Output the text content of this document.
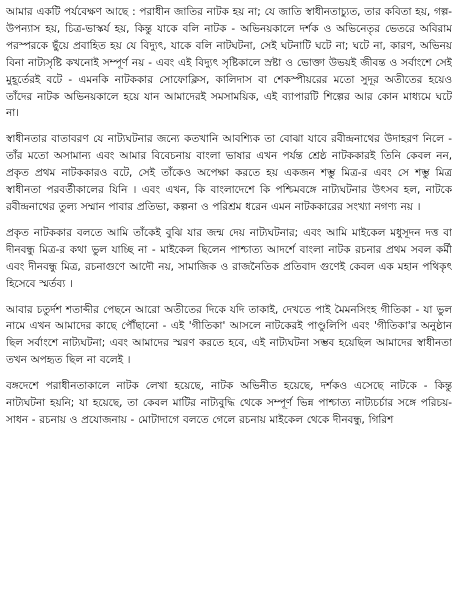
আমার একটি পর্যবেক্ষণ আছে : পরাধীন জাতির নাটক হয় না; যে জাতি স্বাধীনতাচ্যুত, তার কবিতা হয়, গল্প-উপন্যাস হয়, চিত্র-ভাস্কর্য হয়, কিন্তু যাকে বলি নাটক - অভিনয়কালে দর্শক ও অভিনেতৃর ভেতরে অবিরাম পরস্পরকে ছুঁয়ে প্রবাহিত হয় যে বিদ্যুৎ, যাকে বলি নাটঘটনা, সেই ঘটনাটি ঘটে না; ঘটে না, কারণ, অভিনয় বিনা নাট্যসৃষ্টি কখনোই সম্পূর্ণ নয় - এবং এই বিদ্যুৎ সৃষ্টিকালে স্রষ্টা ও ভোক্তা উভয়ই জীবন্ত ও সর্বাংশে সেই মুহূর্তেরই বটে - এমনকি নাটককার সোফোক্লিস, কালিদাস বা শেকস্পীয়রের মতো সুদূর অতীতের হয়েও তাঁদের নাটক অভিনয়কালে হয়ে যান আমাদেরই সমসাময়িক, এই ব্যাপারটি শিল্পের আর কোন মাধ্যমে ঘটে না।

স্বাধীনতার বাতাবরণ যে নাট্যঘটনার জন্যে কতখানি আবশ্যিক তা বোঝা যাবে রবীন্দ্রনাথের উদাহরণ নিলে - তাঁর মতো অসামান্য এবং আমার বিবেচনায় বাংলা ভাষার এখন পর্যন্ত শ্রেষ্ঠ নাটককারই তিনি কেবল নন, প্রকৃত প্রথম নাটককারও বটে, সেই তাঁকেও অপেক্ষা করতে হয় একজন শম্ভু মিত্র-র এবং সে শম্ভু মিত্র স্বাধীনতা পরবর্তীকালের যিনি । এবং এখন, কি বাংলাদেশে কি পশ্চিমবঙ্গে নাট্যঘটনার উৎসব হল, নাটকে রবীন্দ্রনাথের তুল্য সম্মান পাবার প্রতিভা, কল্পনা ও পরিশ্রম ধরেন এমন নাটককারের সংখ্যা নগণ্য নয় ।

প্রকৃত নাটককার বলতে আমি তাঁকেই বুঝি যার জন্ম দেয় নাট্যঘটনার; এবং আমি মাইকেল মধুসূদন দত্ত বা দীনবন্ধু মিত্র-র কথা ভুল যাচ্ছি না - মাইকেল ছিলেন পাশ্চাত্য আদর্শে বাংলা নাটক রচনার প্রথম সবল কর্মী এবং দীনবন্ধু মিত্র, রচনাগুণে আদৌ নয়, সামাজিক ও রাজনৈতিক প্রতিবাদ গুণেই কেবল এক মহান পথিকৃৎ হিসেবে স্মর্তব্য ।

আবার চতুর্দশ শতাব্দীর পেছনে আরো অতীতের দিকে যদি তাকাই, দেখতে পাই মৈমনসিংহ গীতিকা - যা ভুল নামে এখন আমাদের কাছে পৌঁছানো - এই 'গীতিকা' আসলে নাটকেরই পাণ্ডুলিপি এবং 'গীতিকা'র অনুষ্ঠান ছিল সর্বাংশে নাট্যঘটনা; এবং আমাদের স্মরণ করতে হবে, এই নাট্যঘটনা সম্ভব হয়েছিল আমাদের স্বাধীনতা তখন অপহৃত ছিল না বলেই ।

বঙ্গদেশে পরাধীনতাকালে নাটক লেখা হয়েছে, নাটক অভিনীত হয়েছে, দর্শকও এসেছে নাটকে - কিন্তু নাট্যঘটনা হয়নি; যা হয়েছে, তা কেবল মাটির নাট্যবুদ্ধি থেকে সম্পূর্ণ ভিন্ন পাশ্চাত্য নাট্যচর্চার সঙ্গে পরিচয়-সাধন - রচনায় ও প্রযোজনায় - মোটাদাগে বলতে গেলে রচনায় মাইকেল থেকে দীনবন্ধু, গিরিশ
